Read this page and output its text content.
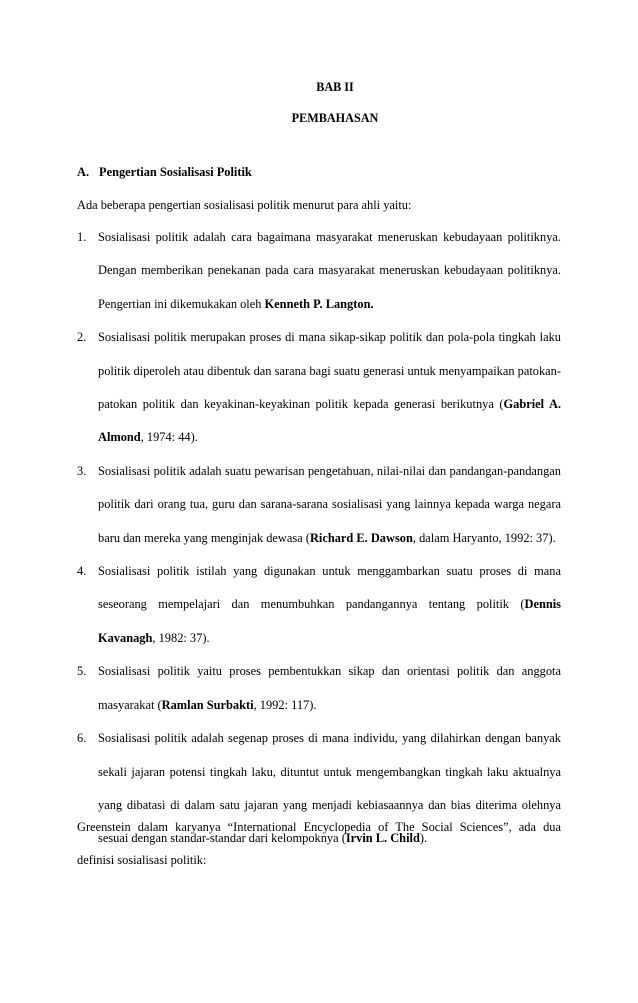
BAB II
PEMBAHASAN
A. Pengertian Sosialisasi Politik
Ada beberapa pengertian sosialisasi politik menurut para ahli yaitu:
1. Sosialisasi politik adalah cara bagaimana masyarakat meneruskan kebudayaan politiknya. Dengan memberikan penekanan pada cara masyarakat meneruskan kebudayaan politiknya. Pengertian ini dikemukakan oleh Kenneth P. Langton.
2. Sosialisasi politik merupakan proses di mana sikap-sikap politik dan pola-pola tingkah laku politik diperoleh atau dibentuk dan sarana bagi suatu generasi untuk menyampaikan patokan-patokan politik dan keyakinan-keyakinan politik kepada generasi berikutnya (Gabriel A. Almond, 1974: 44).
3. Sosialisasi politik adalah suatu pewarisan pengetahuan, nilai-nilai dan pandangan-pandangan politik dari orang tua, guru dan sarana-sarana sosialisasi yang lainnya kepada warga negara baru dan mereka yang menginjak dewasa (Richard E. Dawson, dalam Haryanto, 1992: 37).
4. Sosialisasi politik istilah yang digunakan untuk menggambarkan suatu proses di mana seseorang mempelajari dan menumbuhkan pandangannya tentang politik (Dennis Kavanagh, 1982: 37).
5. Sosialisasi politik yaitu proses pembentukkan sikap dan orientasi politik dan anggota masyarakat (Ramlan Surbakti, 1992: 117).
6. Sosialisasi politik adalah segenap proses di mana individu, yang dilahirkan dengan banyak sekali jajaran potensi tingkah laku, dituntut untuk mengembangkan tingkah laku aktualnya yang dibatasi di dalam satu jajaran yang menjadi kebiasaannya dan bias diterima olehnya sesuai dengan standar-standar dari kelompoknya (Irvin L. Child).
Greenstein dalam karyanya “International Encyclopedia of The Social Sciences”, ada dua definisi sosialisasi politik:
